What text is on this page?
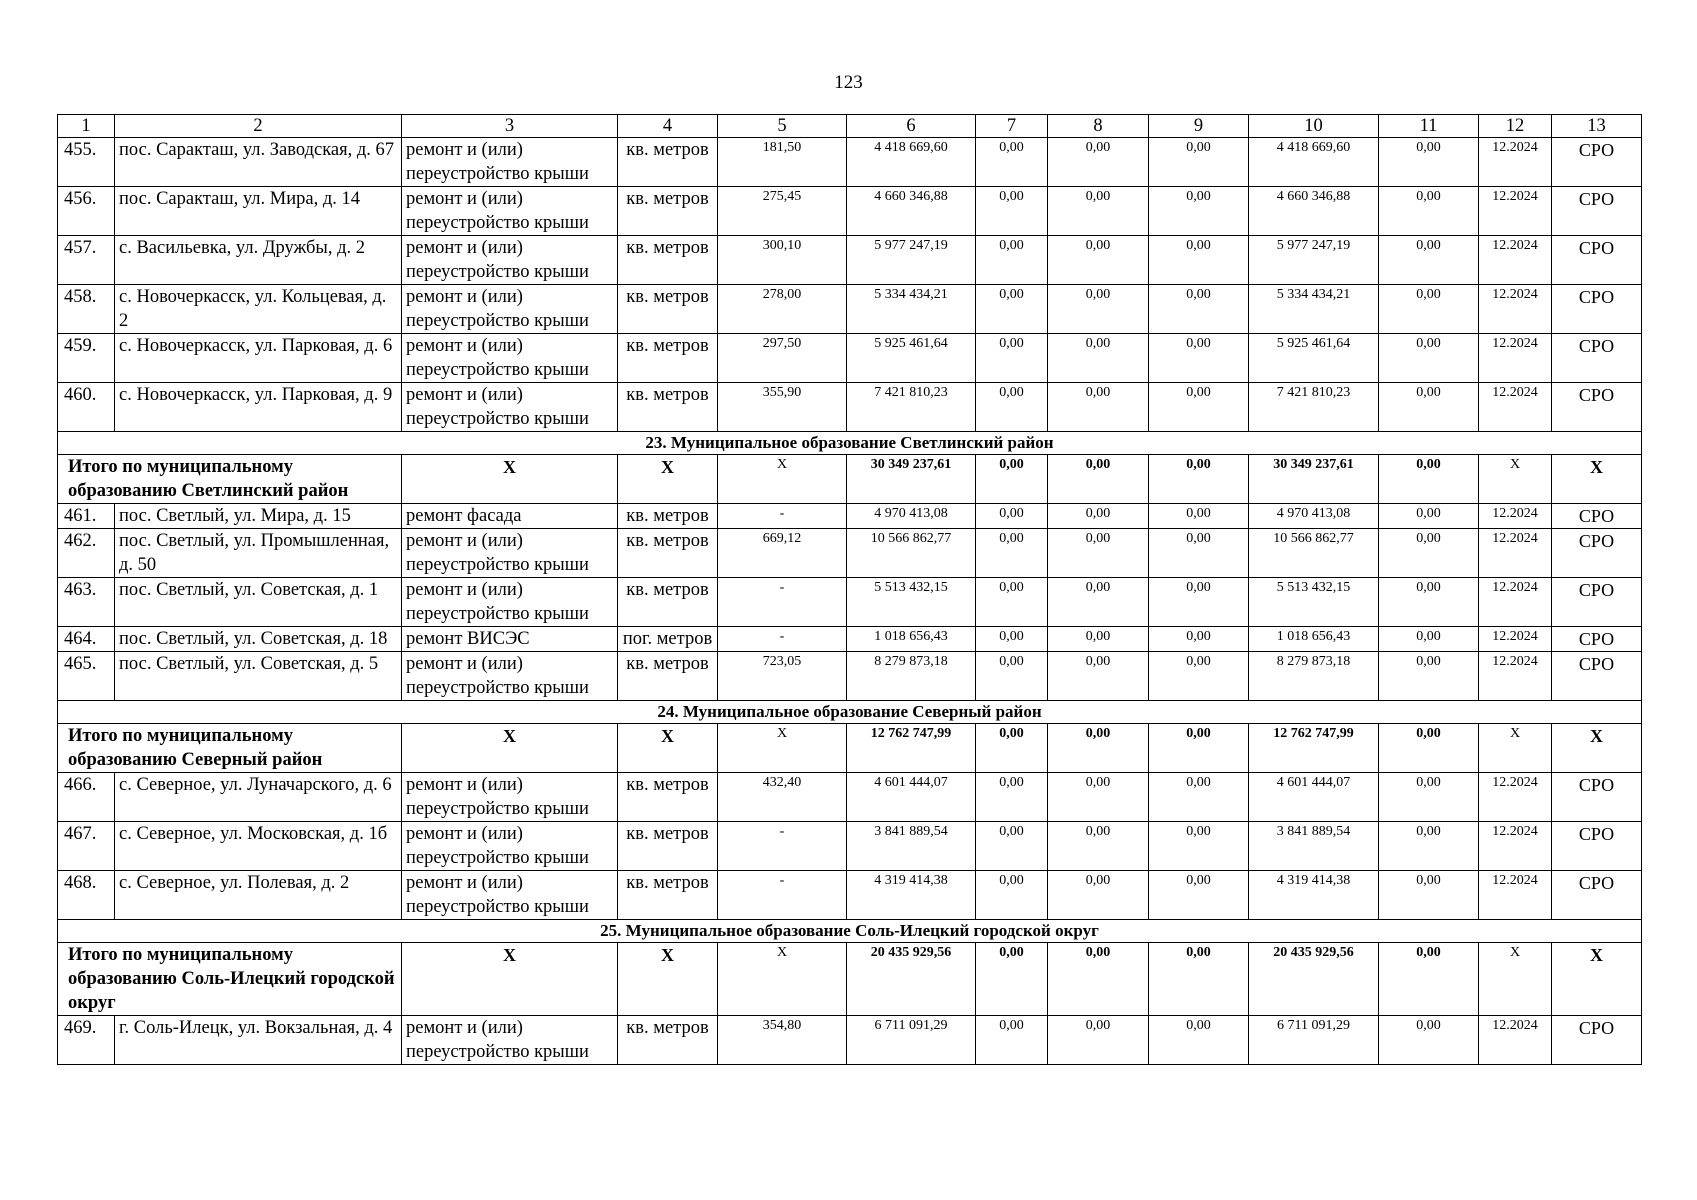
123
1	2	3	4	5	6	7	8	9	10	11	12	13
455.	пос. Саракташ, ул. Заводская, д. 67	ремонт и (или) переустройство крыши	кв. метров	181,50	4 418 669,60	0,00	0,00	0,00	4 418 669,60	0,00	12.2024	СРО
456.	пос. Саракташ, ул. Мира, д. 14	ремонт и (или) переустройство крыши	кв. метров	275,45	4 660 346,88	0,00	0,00	0,00	4 660 346,88	0,00	12.2024	СРО
457.	с. Васильевка, ул. Дружбы, д. 2	ремонт и (или) переустройство крыши	кв. метров	300,10	5 977 247,19	0,00	0,00	0,00	5 977 247,19	0,00	12.2024	СРО
458.	с. Новочеркасск, ул. Кольцевая, д. 2	ремонт и (или) переустройство крыши	кв. метров	278,00	5 334 434,21	0,00	0,00	0,00	5 334 434,21	0,00	12.2024	СРО
459.	с. Новочеркасск, ул. Парковая, д. 6	ремонт и (или) переустройство крыши	кв. метров	297,50	5 925 461,64	0,00	0,00	0,00	5 925 461,64	0,00	12.2024	СРО
460.	с. Новочеркасск, ул. Парковая, д. 9	ремонт и (или) переустройство крыши	кв. метров	355,90	7 421 810,23	0,00	0,00	0,00	7 421 810,23	0,00	12.2024	СРО
23. Муниципальное образование Светлинский район												
Итого по муниципальному образованию Светлинский район		X	X	X	30 349 237,61	0,00	0,00	0,00	30 349 237,61	0,00	X	X
461.	пос. Светлый, ул. Мира, д. 15	ремонт фасада	кв. метров	-	4 970 413,08	0,00	0,00	0,00	4 970 413,08	0,00	12.2024	СРО
462.	пос. Светлый, ул. Промышленная, д. 50	ремонт и (или) переустройство крыши	кв. метров	669,12	10 566 862,77	0,00	0,00	0,00	10 566 862,77	0,00	12.2024	СРО
463.	пос. Светлый, ул. Советская, д. 1	ремонт и (или) переустройство крыши	кв. метров	-	5 513 432,15	0,00	0,00	0,00	5 513 432,15	0,00	12.2024	СРО
464.	пос. Светлый, ул. Советская, д. 18	ремонт ВИСЭС	пог. метров	-	1 018 656,43	0,00	0,00	0,00	1 018 656,43	0,00	12.2024	СРО
465.	пос. Светлый, ул. Советская, д. 5	ремонт и (или) переустройство крыши	кв. метров	723,05	8 279 873,18	0,00	0,00	0,00	8 279 873,18	0,00	12.2024	СРО
24. Муниципальное образование Северный район												
Итого по муниципальному образованию Северный район		X	X	X	12 762 747,99	0,00	0,00	0,00	12 762 747,99	0,00	X	X
466.	с. Северное, ул. Луначарского, д. 6	ремонт и (или) переустройство крыши	кв. метров	432,40	4 601 444,07	0,00	0,00	0,00	4 601 444,07	0,00	12.2024	СРО
467.	с. Северное, ул. Московская, д. 1б	ремонт и (или) переустройство крыши	кв. метров	-	3 841 889,54	0,00	0,00	0,00	3 841 889,54	0,00	12.2024	СРО
468.	с. Северное, ул. Полевая, д. 2	ремонт и (или) переустройство крыши	кв. метров	-	4 319 414,38	0,00	0,00	0,00	4 319 414,38	0,00	12.2024	СРО
25. Муниципальное образование Соль-Илецкий городской округ												
Итого по муниципальному образованию Соль-Илецкий городской округ		X	X	X	20 435 929,56	0,00	0,00	0,00	20 435 929,56	0,00	X	X
469.	г. Соль-Илецк, ул. Вокзальная, д. 4	ремонт и (или) переустройство крыши	кв. метров	354,80	6 711 091,29	0,00	0,00	0,00	6 711 091,29	0,00	12.2024	СРО
